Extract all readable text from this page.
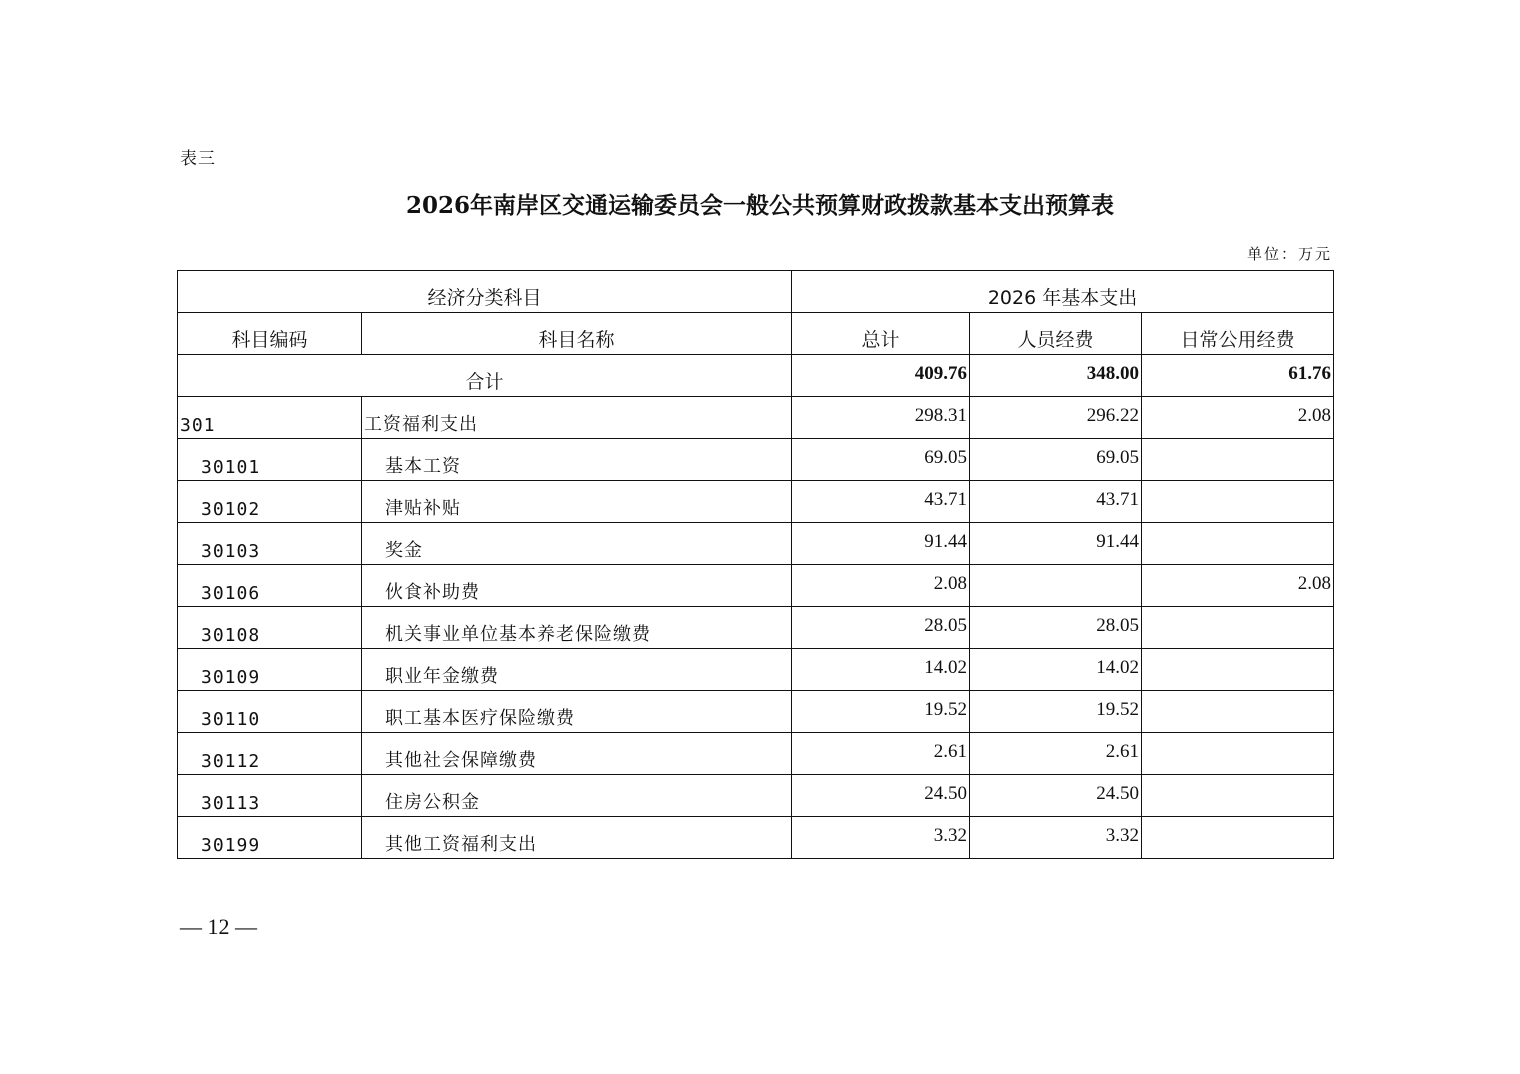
表三
2026年南岸区交通运输委员会一般公共预算财政拨款基本支出预算表
单位：万元
经济分类科目		2026 年基本支出		
科目编码	科目名称	总计	人员经费	日常公用经费
合计		409.76	348.00	61.76
301	工资福利支出	298.31	296.22	2.08
30101	基本工资	69.05	69.05	
30102	津贴补贴	43.71	43.71	
30103	奖金	91.44	91.44	
30106	伙食补助费	2.08		2.08
30108	机关事业单位基本养老保险缴费	28.05	28.05	
30109	职业年金缴费	14.02	14.02	
30110	职工基本医疗保险缴费	19.52	19.52	
30112	其他社会保障缴费	2.61	2.61	
30113	住房公积金	24.50	24.50	
30199	其他工资福利支出	3.32	3.32	
— 12 —
